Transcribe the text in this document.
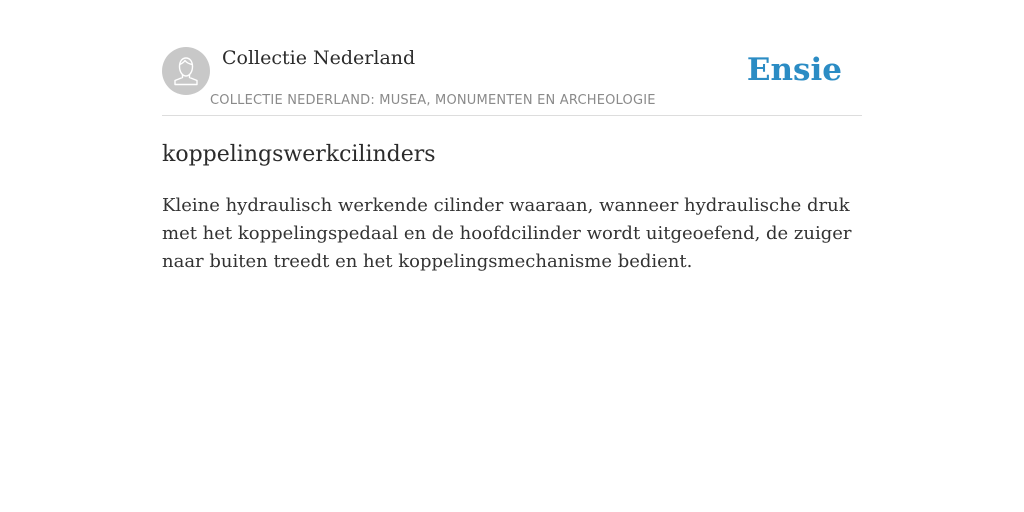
Collectie Nederland
COLLECTIE NEDERLAND: MUSEA, MONUMENTEN EN ARCHEOLOGIE
Ensie
koppelingswerkcilinders

Kleine hydraulisch werkende cilinder waaraan, wanneer hydraulische druk met het koppelingspedaal en de hoofdcilinder wordt uitgeoefend, de zuiger naar buiten treedt en het koppelingsmechanisme bedient.
